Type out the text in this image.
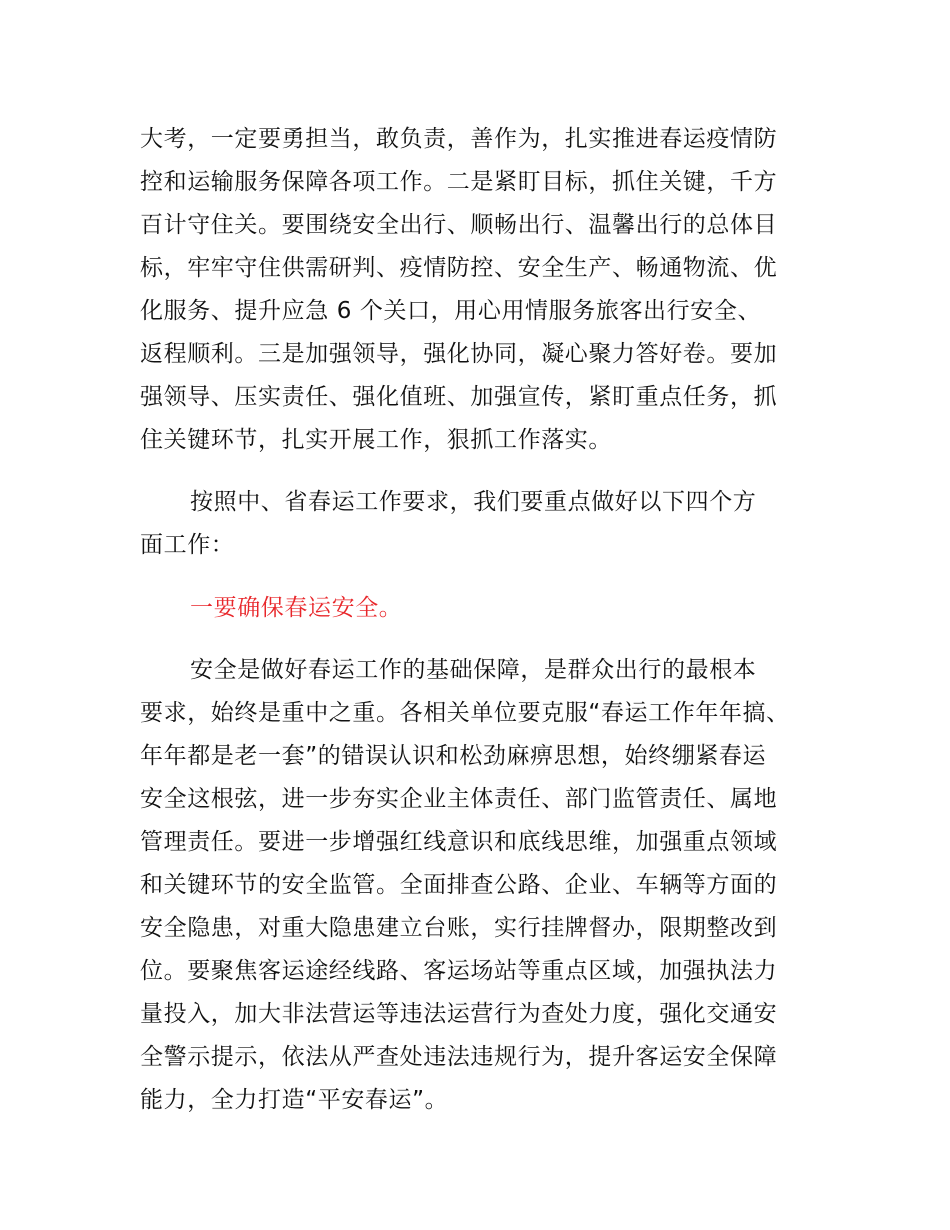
大考，一定要勇担当，敢负责，善作为，扎实推进春运疫情防
控和运输服务保障各项工作。二是紧盯目标，抓住关键，千方
百计守住关。要围绕安全出行、顺畅出行、温馨出行的总体目
标，牢牢守住供需研判、疫情防控、安全生产、畅通物流、优
化服务、提升应急 6 个关口，用心用情服务旅客出行安全、
返程顺利。三是加强领导，强化协同，凝心聚力答好卷。要加
强领导、压实责任、强化值班、加强宣传，紧盯重点任务，抓
住关键环节，扎实开展工作，狠抓工作落实。
按照中、省春运工作要求，我们要重点做好以下四个方
面工作：
一要确保春运安全。
安全是做好春运工作的基础保障，是群众出行的最根本
要求，始终是重中之重。各相关单位要克服“春运工作年年搞、
年年都是老一套”的错误认识和松劲麻痹思想，始终绷紧春运
安全这根弦，进一步夯实企业主体责任、部门监管责任、属地
管理责任。要进一步增强红线意识和底线思维，加强重点领域
和关键环节的安全监管。全面排查公路、企业、车辆等方面的
安全隐患，对重大隐患建立台账，实行挂牌督办，限期整改到
位。要聚焦客运途经线路、客运场站等重点区域，加强执法力
量投入，加大非法营运等违法运营行为查处力度，强化交通安
全警示提示，依法从严查处违法违规行为，提升客运安全保障
能力，全力打造“平安春运”。
